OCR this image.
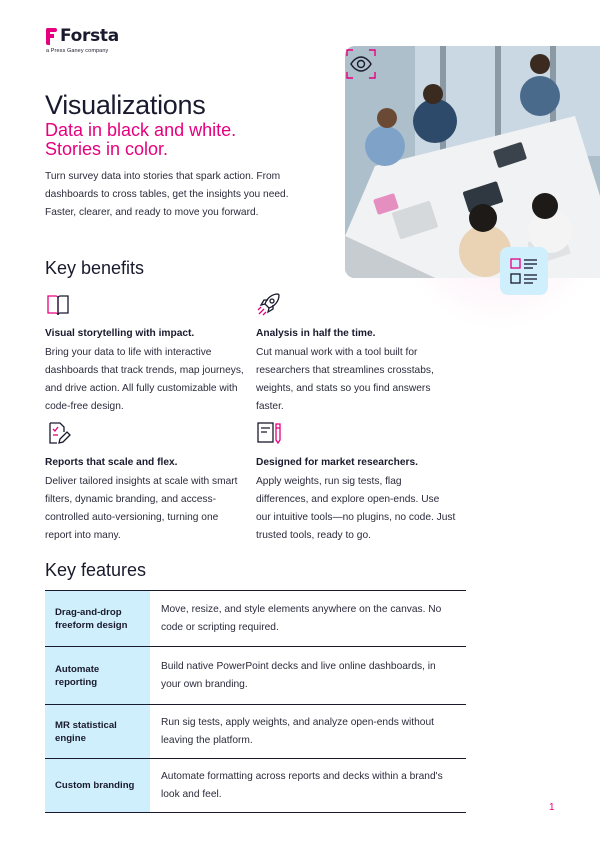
Forsta
a Press Ganey company
Visualizations
Data in black and white.
Stories in color.
Turn survey data into stories that spark action. From dashboards to cross tables, get the insights you need. Faster, clearer, and ready to move you forward.
Key benefits
Visual storytelling with impact.
Bring your data to life with interactive dashboards that track trends, map journeys, and drive action. All fully customizable with code-free design.
Analysis in half the time.
Cut manual work with a tool built for researchers that streamlines crosstabs, weights, and stats so you find answers faster.
Reports that scale and flex.
Deliver tailored insights at scale with smart filters, dynamic branding, and access-controlled auto-versioning, turning one report into many.
Designed for market researchers.
Apply weights, run sig tests, flag differences, and explore open-ends. Use our intuitive tools—no plugins, no code. Just trusted tools, ready to go.
Key features
Drag-and-drop freeform design
Move, resize, and style elements anywhere on the canvas. No code or scripting required.
Automate reporting
Build native PowerPoint decks and live online dashboards, in your own branding.
MR statistical engine
Run sig tests, apply weights, and analyze open-ends without leaving the platform.
Custom branding
Automate formatting across reports and decks within a brand's look and feel.
1
